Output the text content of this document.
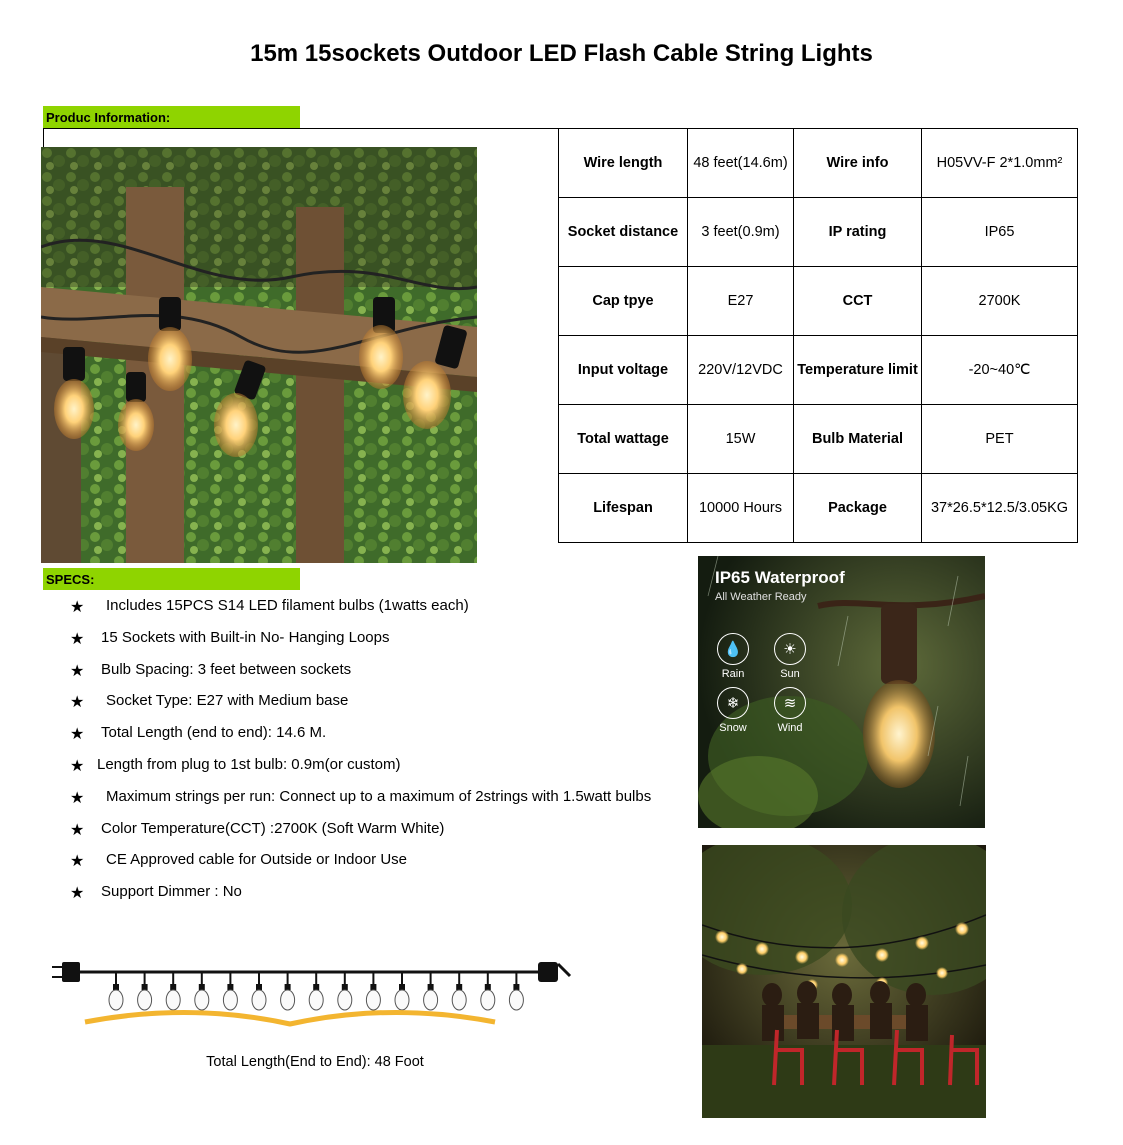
15m 15sockets Outdoor LED Flash Cable String Lights
Produc Information:
Wire length	48 feet(14.6m)	Wire info	H05VV-F 2*1.0mm²
Socket distance	3 feet(0.9m)	IP rating	IP65
Cap tpye	E27	CCT	2700K
Input voltage	220V/12VDC	Temperature limit	-20~40℃
Total wattage	15W	Bulb Material	PET
Lifespan	10000 Hours	Package	37*26.5*12.5/3.05KG
SPECS:
★	Includes 15PCS S14 LED filament bulbs (1watts each)
★	15 Sockets with Built-in No- Hanging Loops
★	Bulb Spacing: 3 feet between sockets
★	Socket Type: E27 with Medium base
★	Total Length (end to end): 14.6 M.
★ Length from plug to 1st bulb: 0.9m(or custom)
★	Maximum strings per run: Connect up to a maximum of 2strings with 1.5watt bulbs
★	Color Temperature(CCT) :2700K (Soft Warm White)
★	CE Approved cable for Outside or Indoor Use
★	Support Dimmer : No
IP65 Waterproof
All Weather Ready
💧
Rain
☀
Sun
❄
Snow
≋
Wind
Total Length(End to End): 48 Foot
